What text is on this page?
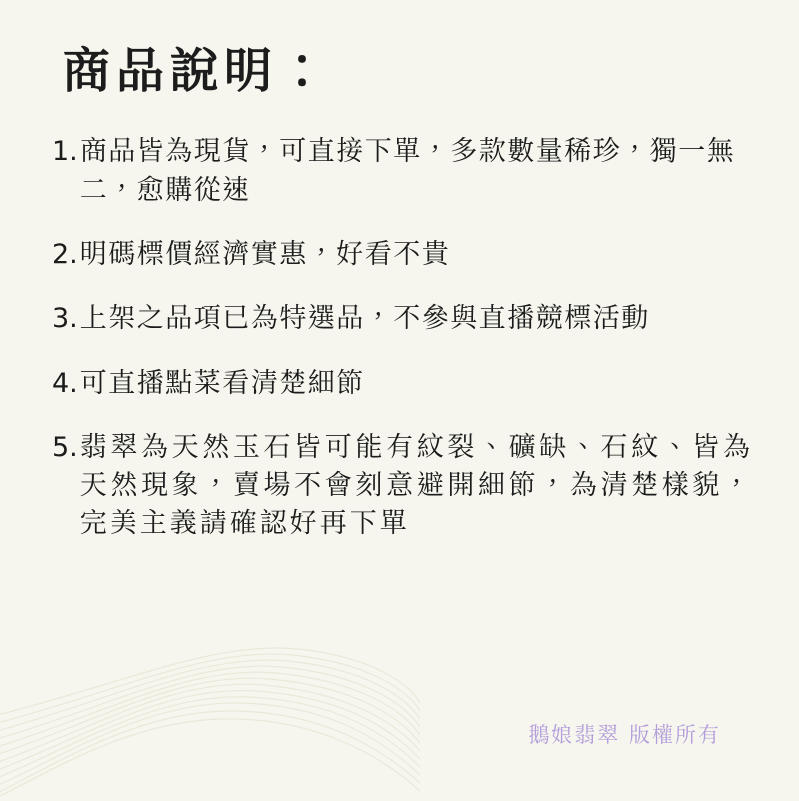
商品說明：
1. 商品皆為現貨，可直接下單，多款數量稀珍，獨一無二，愈購從速
2. 明碼標價經濟實惠，好看不貴
3. 上架之品項已為特選品，不參與直播競標活動
4. 可直播點菜看清楚細節
5. 翡翠為天然玉石皆可能有紋裂、礦缺、石紋、皆為天然現象，賣場不會刻意避開細節，為清楚樣貌，完美主義請確認好再下單
鵝娘翡翠 版權所有
